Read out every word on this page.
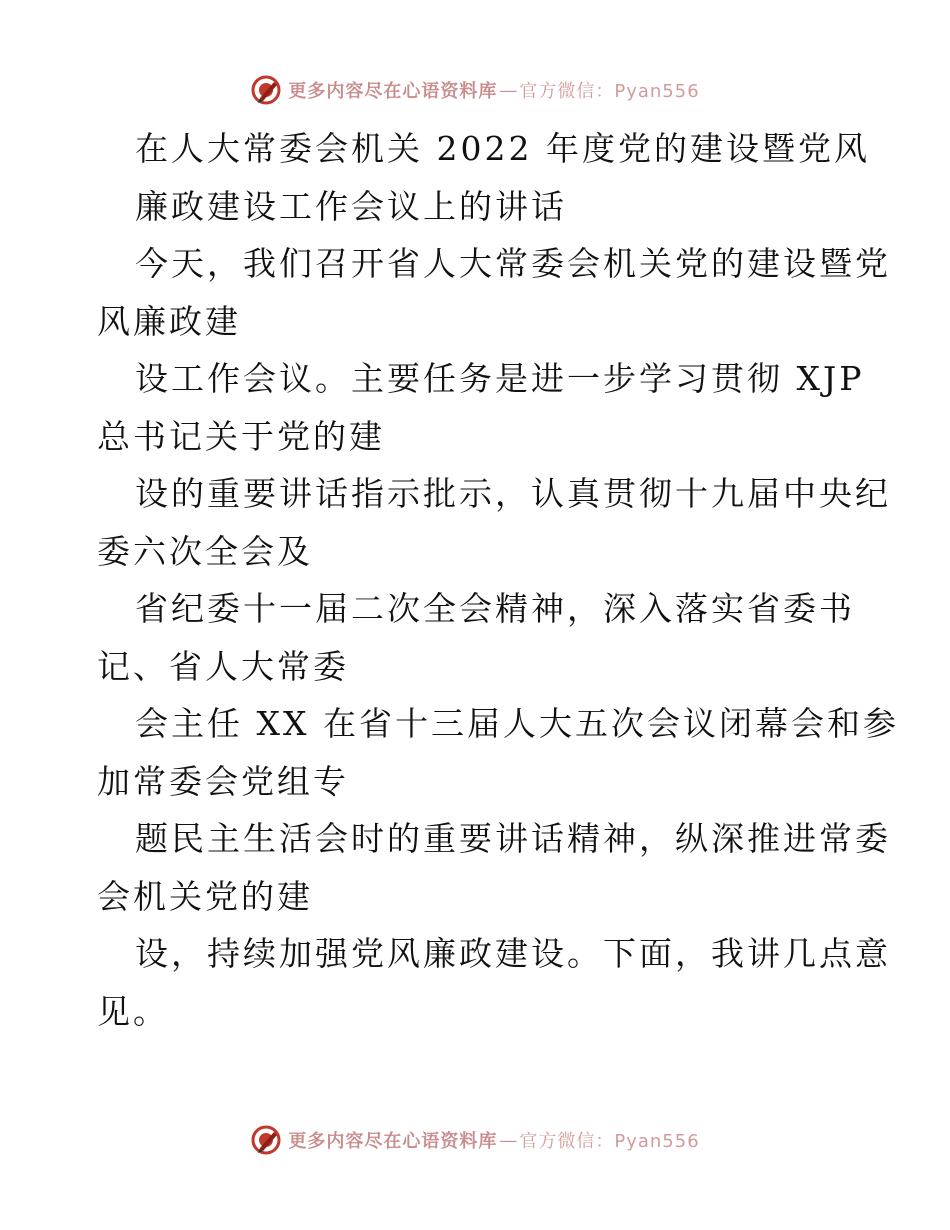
更多内容尽在心语资料库 — 官方微信：Pyan556
在人大常委会机关 2022 年度党的建设暨党风
廉政建设工作会议上的讲话
今天，我们召开省人大常委会机关党的建设暨党
风廉政建
设工作会议。主要任务是进一步学习贯彻 XJP
总书记关于党的建
设的重要讲话指示批示，认真贯彻十九届中央纪
委六次全会及
省纪委十一届二次全会精神，深入落实省委书
记、省人大常委
会主任 XX 在省十三届人大五次会议闭幕会和参
加常委会党组专
题民主生活会时的重要讲话精神，纵深推进常委
会机关党的建
设，持续加强党风廉政建设。下面，我讲几点意
见。
更多内容尽在心语资料库 — 官方微信：Pyan556
